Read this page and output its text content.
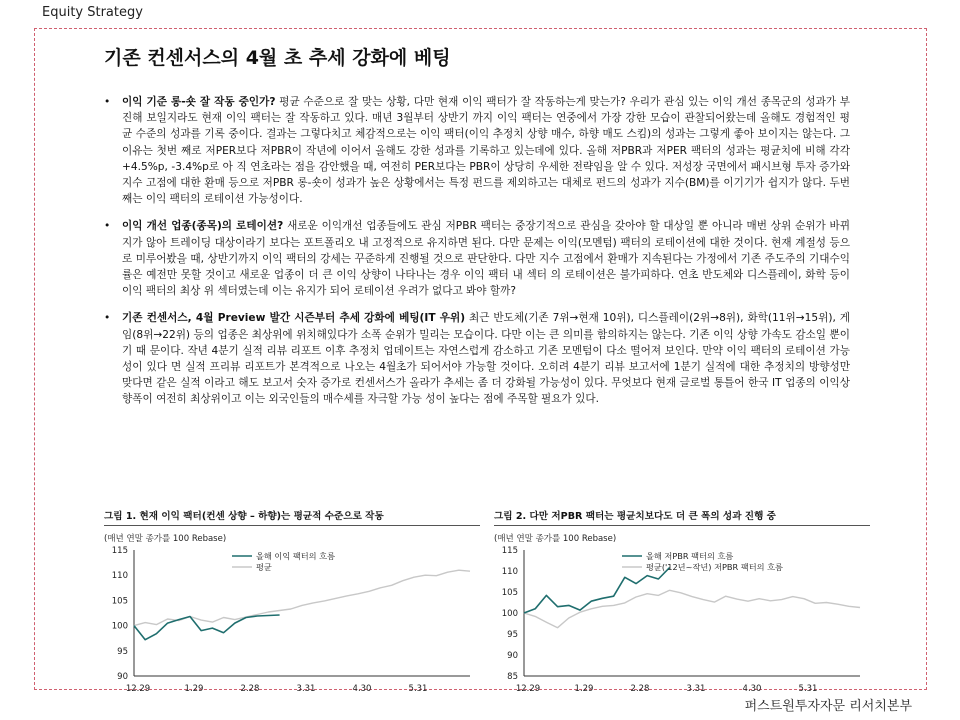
Equity Strategy
기존 컨센서스의 4월 초 추세 강화에 베팅
• 이익 기준 롱-숏 잘 작동 중인가? 평균 수준으로 잘 맞는 상황, 다만 현재 이익 팩터가 잘 작동하는게 맞는가? 우리가 관심 있는 이익 개선 종목군의 성과가 부진해 보일지라도 현재 이익 팩터는 잘 작동하고 있다. 매년 3월부터 상반기 까지 이익 팩터는 연중에서 가장 강한 모습이 관찰되어왔는데 올해도 경험적인 평 균 수준의 성과를 기록 중이다. 결과는 그렇다치고 체감적으로는 이익 팩터(이익 추정치 상향 매수, 하향 매도 스킴)의 성과는 그렇게 좋아 보이지는 않는다. 그 이유는 첫번 째로 저PER보다 저PBR이 작년에 이어서 올해도 강한 성과를 기록하고 있는데에 있다. 올해 저PBR과 저PER 팩터의 성과는 평균치에 비해 각각 +4.5%p, -3.4%p로 아 직 연초라는 점을 감안했을 때, 여전히 PER보다는 PBR이 상당히 우세한 전략임을 알 수 있다. 저성장 국면에서 패시브형 투자 증가와 지수 고점에 대한 환매 등으로 저PBR 롱-숏이 성과가 높은 상황에서는 특정 펀드를 제외하고는 대체로 펀드의 성과가 지수(BM)를 이기기가 쉽지가 않다. 두번째는 이익 팩터의 로테이션 가능성이다.
• 이익 개선 업종(종목)의 로테이션? 새로운 이익개선 업종들에도 관심 저PBR 팩터는 중장기적으로 관심을 갖아야 할 대상일 뿐 아니라 매번 상위 순위가 바뀌지가 않아 트레이딩 대상이라기 보다는 포트폴리오 내 고정적으로 유지하면 된다. 다만 문제는 이익(모멘텀) 팩터의 로테이션에 대한 것이다. 현재 계절성 등으로 미루어봤을 때, 상반기까지 이익 팩터의 강세는 꾸준하게 진행될 것으로 판단한다. 다만 지수 고점에서 환매가 지속된다는 가정에서 기존 주도주의 기대수익률은 예전만 못할 것이고 새로운 업종이 더 큰 이익 상향이 나타나는 경우 이익 팩터 내 섹터 의 로테이션은 불가피하다. 연초 반도체와 디스플레이, 화학 등이 이익 팩터의 최상 위 섹터였는데 이는 유지가 되어 로테이션 우려가 없다고 봐야 할까?
• 기존 컨센서스, 4월 Preview 발간 시즌부터 추세 강화에 베팅(IT 우위) 최근 반도체(기존 7위→현재 10위), 디스플레이(2위→8위), 화학(11위→15위), 게 임(8위→22위) 등의 업종은 최상위에 위치해있다가 소폭 순위가 밀리는 모습이다. 다만 이는 큰 의미를 함의하지는 않는다. 기존 이익 상향 가속도 감소일 뿐이기 때 문이다. 작년 4분기 실적 리뷰 리포트 이후 추정치 업데이트는 자연스럽게 감소하고 기존 모멘텀이 다소 떨어져 보인다. 만약 이익 팩터의 로테이션 가능성이 있다 면 실적 프리뷰 리포트가 본격적으로 나오는 4월초가 되어서야 가능할 것이다. 오히려 4분기 리뷰 보고서에 1분기 실적에 대한 추정치의 방향성만 맞다면 같은 실적 이라고 해도 보고서 숫자 증가로 컨센서스가 올라가 추세는 좀 더 강화될 가능성이 있다. 무엇보다 현재 글로벌 통틀어 한국 IT 업종의 이익상향폭이 여전히 최상위이고 이는 외국인들의 매수세를 자극할 가능 성이 높다는 점에 주목할 필요가 있다.
그림 1. 현재 이익 팩터(컨센 상향 – 하향)는 평균적 수준으로 작동
(매년 연말 종가를 100 Rebase)
90
95
100
105
110
115
12.29	1.29	2.28	3.31	4.30	5.31
올해 이익 팩터의 흐름
평균
그림 2. 다만 저PBR 팩터는 평균치보다도 더 큰 폭의 성과 진행 중
(매년 연말 종가를 100 Rebase)
85
90
95
100
105
110
115
12.29	1.29	2.28	3.31	4.30	5.31
올해 저PBR 팩터의 흐름
평균('12년~작년) 저PBR 팩터의 흐름
퍼스트원투자자문 리서치본부
